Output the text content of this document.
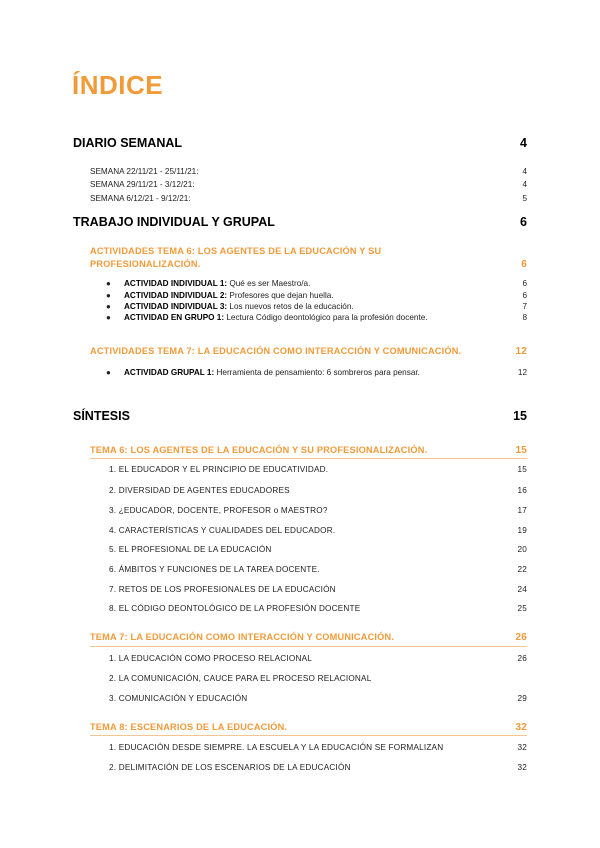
ÍNDICE
DIARIO SEMANAL	4
SEMANA 22/11/21 - 25/11/21:	4
SEMANA 29/11/21 - 3/12/21:	4
SEMANA 6/12/21 - 9/12/21:	5
TRABAJO INDIVIDUAL Y GRUPAL	6
ACTIVIDADES TEMA 6: LOS AGENTES DE LA EDUCACIÓN Y SU
PROFESIONALIZACIÓN.	6
● ACTIVIDAD INDIVIDUAL 1: Qué es ser Maestro/a.	6
● ACTIVIDAD INDIVIDUAL 2: Profesores que dejan huella.	6
● ACTIVIDAD INDIVIDUAL 3: Los nuevos retos de la educación.	7
● ACTIVIDAD EN GRUPO 1: Lectura Código deontológico para la profesión docente.	8
ACTIVIDADES TEMA 7: LA EDUCACIÓN COMO INTERACCIÓN Y COMUNICACIÓN.	12
● ACTIVIDAD GRUPAL 1: Herramienta de pensamiento: 6 sombreros para pensar.	12
SÍNTESIS	15
TEMA 6: LOS AGENTES DE LA EDUCACIÓN Y SU PROFESIONALIZACIÓN.	15
1. EL EDUCADOR Y EL PRINCIPIO DE EDUCATIVIDAD.	15
2. DIVERSIDAD DE AGENTES EDUCADORES	16
3. ¿EDUCADOR, DOCENTE, PROFESOR o MAESTRO?	17
4. CARACTERÍSTICAS Y CUALIDADES DEL EDUCADOR.	19
5. EL PROFESIONAL DE LA EDUCACIÓN	20
6. ÁMBITOS Y FUNCIONES DE LA TAREA DOCENTE.	22
7. RETOS DE LOS PROFESIONALES DE LA EDUCACIÓN	24
8. EL CÓDIGO DEONTOLÓGICO DE LA PROFESIÓN DOCENTE	25
TEMA 7: LA EDUCACIÓN COMO INTERACCIÓN Y COMUNICACIÓN.	26
1. LA EDUCACIÓN COMO PROCESO RELACIONAL	26
2. LA COMUNICACIÓN, CAUCE PARA EL PROCESO RELACIONAL
3. COMUNICACIÓN Y EDUCACIÓN	29
TEMA 8: ESCENARIOS DE LA EDUCACIÓN.	32
1. EDUCACIÓN DESDE SIEMPRE. LA ESCUELA Y LA EDUCACIÓN SE FORMALIZAN	32
2. DELIMITACIÓN DE LOS ESCENARIOS DE LA EDUCACIÓN	32
